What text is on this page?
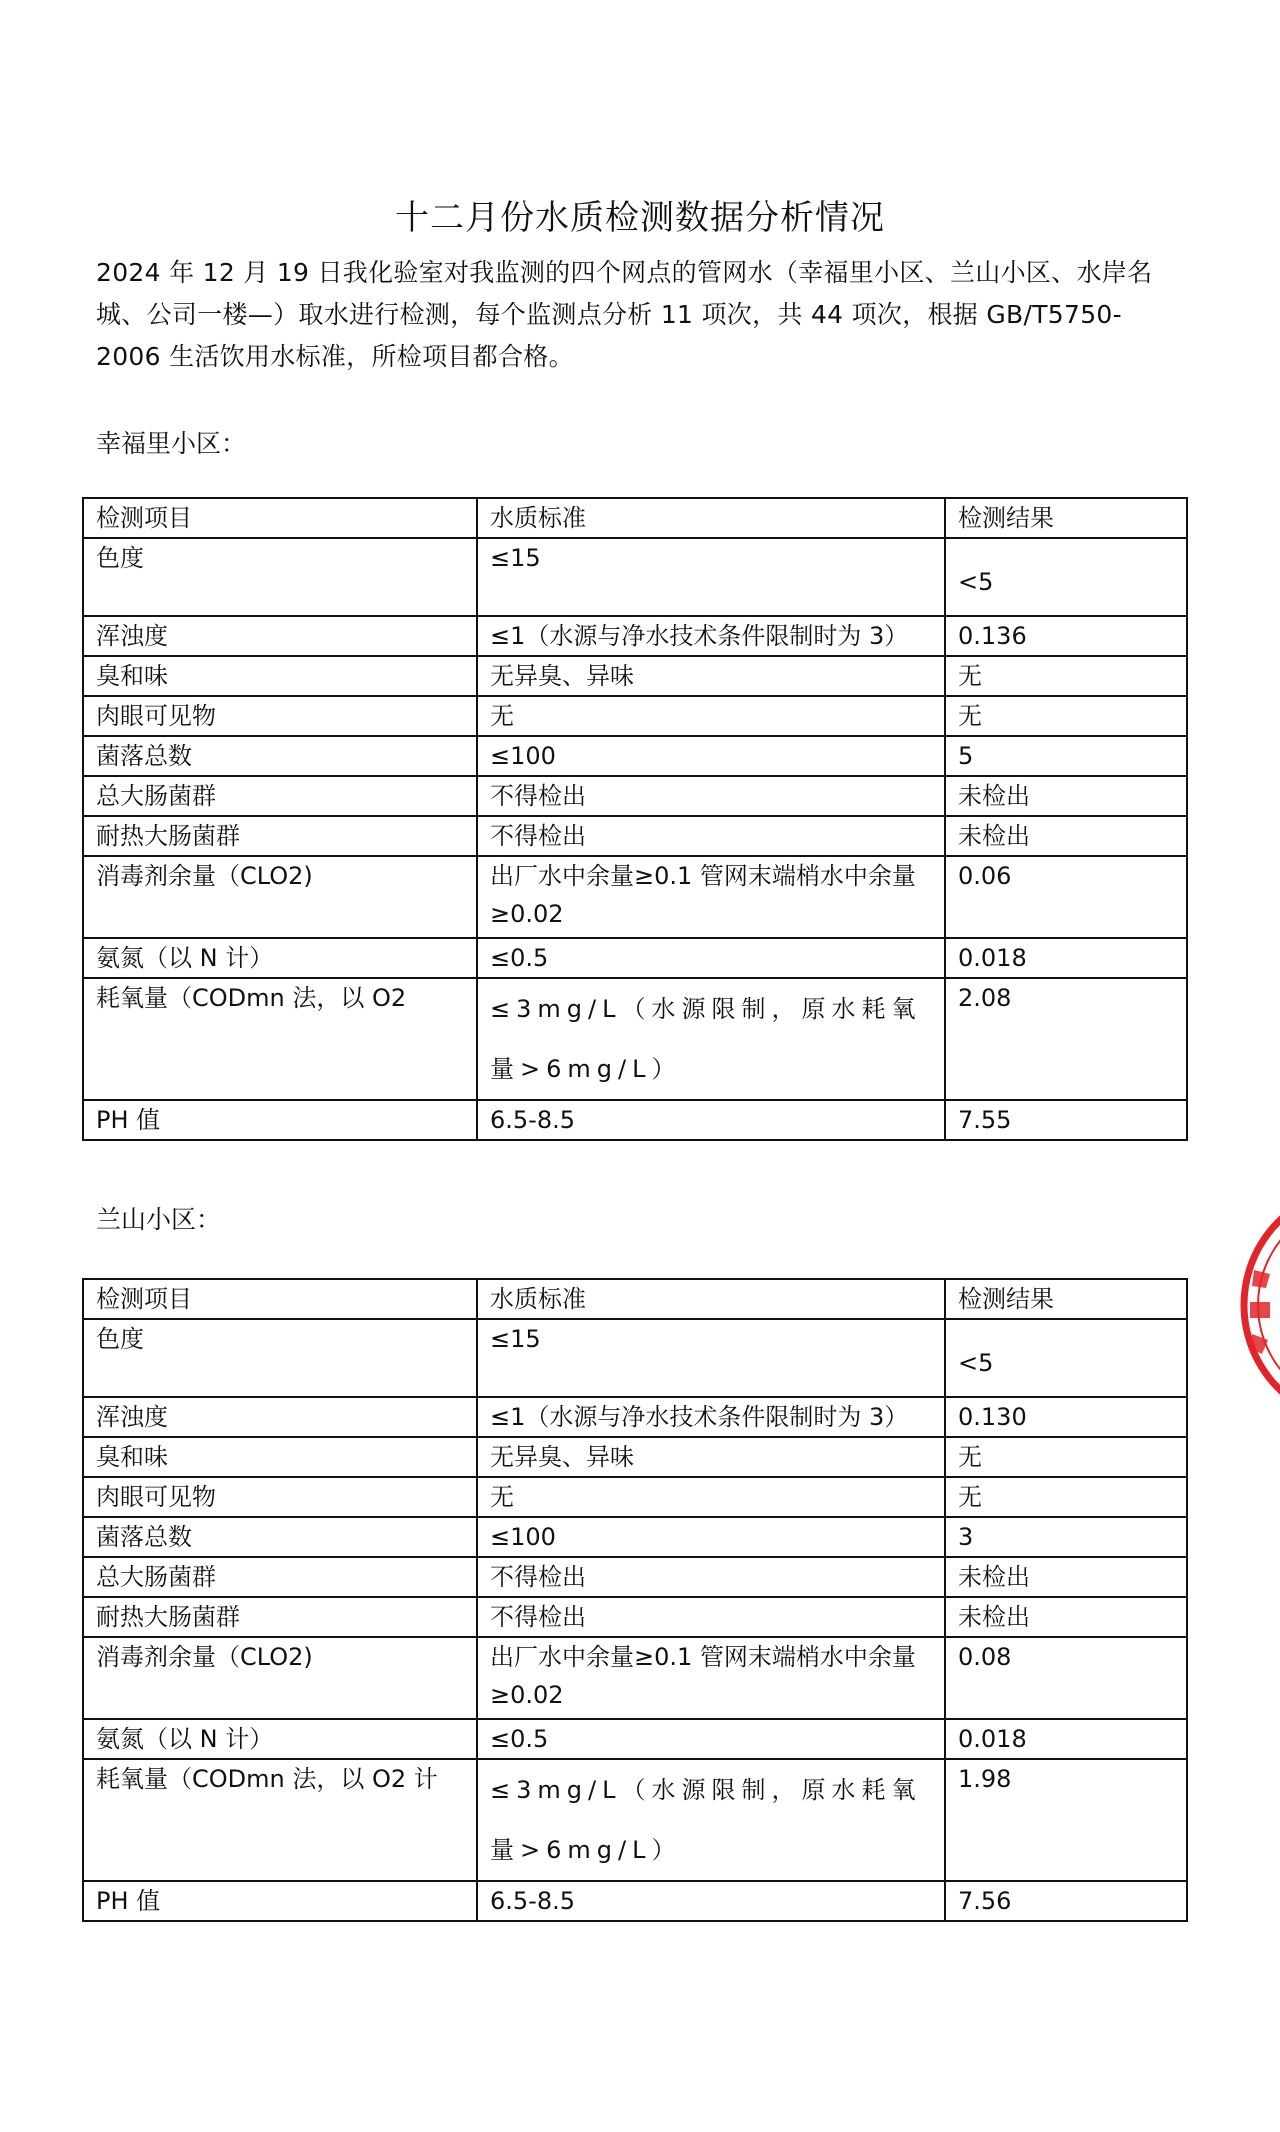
十二月份水质检测数据分析情况
2024 年 12 月 19 日我化验室对我监测的四个网点的管网水（幸福里小区、兰山小区、水岸名城、公司一楼—）取水进行检测，每个监测点分析 11 项次，共 44 项次，根据 GB/T5750-2006 生活饮用水标准，所检项目都合格。
幸福里小区：
检测项目	水质标准	检测结果
色度	≤15	<5
浑浊度	≤1（水源与净水技术条件限制时为 3）	0.136
臭和味	无异臭、异味	无
肉眼可见物	无	无
菌落总数	≤100	5
总大肠菌群	不得检出	未检出
耐热大肠菌群	不得检出	未检出
消毒剂余量（CLO2)	出厂水中余量≥0.1 管网末端梢水中余量≥0.02	0.06
氨氮（以 N 计）	≤0.5	0.018
耗氧量（CODmn 法，以 O2	≤3mg/L（水源限制，原水耗氧量>6mg/L）	2.08
PH 值	6.5-8.5	7.55
兰山小区：
检测项目	水质标准	检测结果
色度	≤15	<5
浑浊度	≤1（水源与净水技术条件限制时为 3）	0.130
臭和味	无异臭、异味	无
肉眼可见物	无	无
菌落总数	≤100	3
总大肠菌群	不得检出	未检出
耐热大肠菌群	不得检出	未检出
消毒剂余量（CLO2)	出厂水中余量≥0.1 管网末端梢水中余量≥0.02	0.08
氨氮（以 N 计）	≤0.5	0.018
耗氧量（CODmn 法，以 O2 计	≤3mg/L（水源限制，原水耗氧量>6mg/L）	1.98
PH 值	6.5-8.5	7.56
